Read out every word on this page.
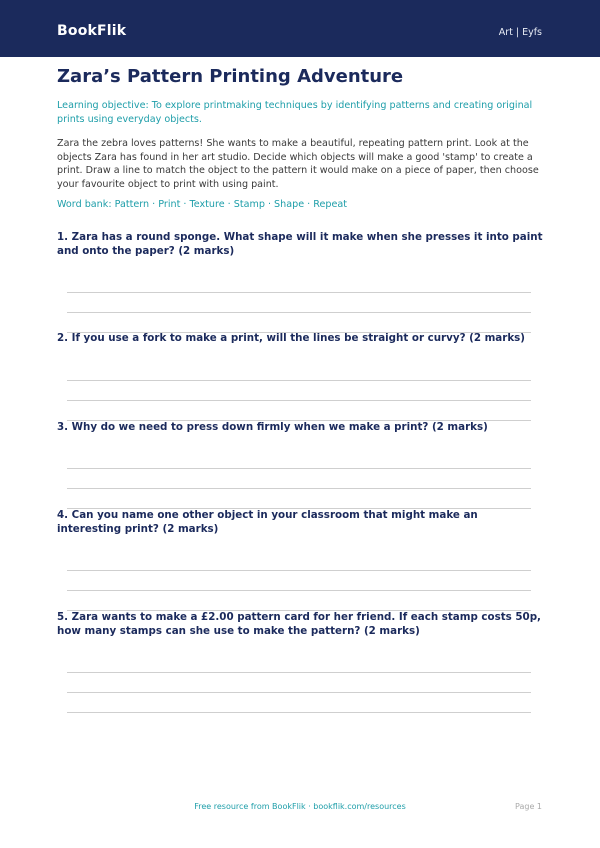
BookFlik	Art | Eyfs
Zara’s Pattern Printing Adventure
Learning objective: To explore printmaking techniques by identifying patterns and creating original prints using everyday objects.
Zara the zebra loves patterns! She wants to make a beautiful, repeating pattern print. Look at the objects Zara has found in her art studio. Decide which objects will make a good 'stamp' to create a print. Draw a line to match the object to the pattern it would make on a piece of paper, then choose your favourite object to print with using paint.
Word bank: Pattern · Print · Texture · Stamp · Shape · Repeat
1. Zara has a round sponge. What shape will it make when she presses it into paint and onto the paper? (2 marks)
2. If you use a fork to make a print, will the lines be straight or curvy? (2 marks)
3. Why do we need to press down firmly when we make a print? (2 marks)
4. Can you name one other object in your classroom that might make an interesting print? (2 marks)
5. Zara wants to make a £2.00 pattern card for her friend. If each stamp costs 50p, how many stamps can she use to make the pattern? (2 marks)
Free resource from BookFlik · bookflik.com/resources	Page 1
